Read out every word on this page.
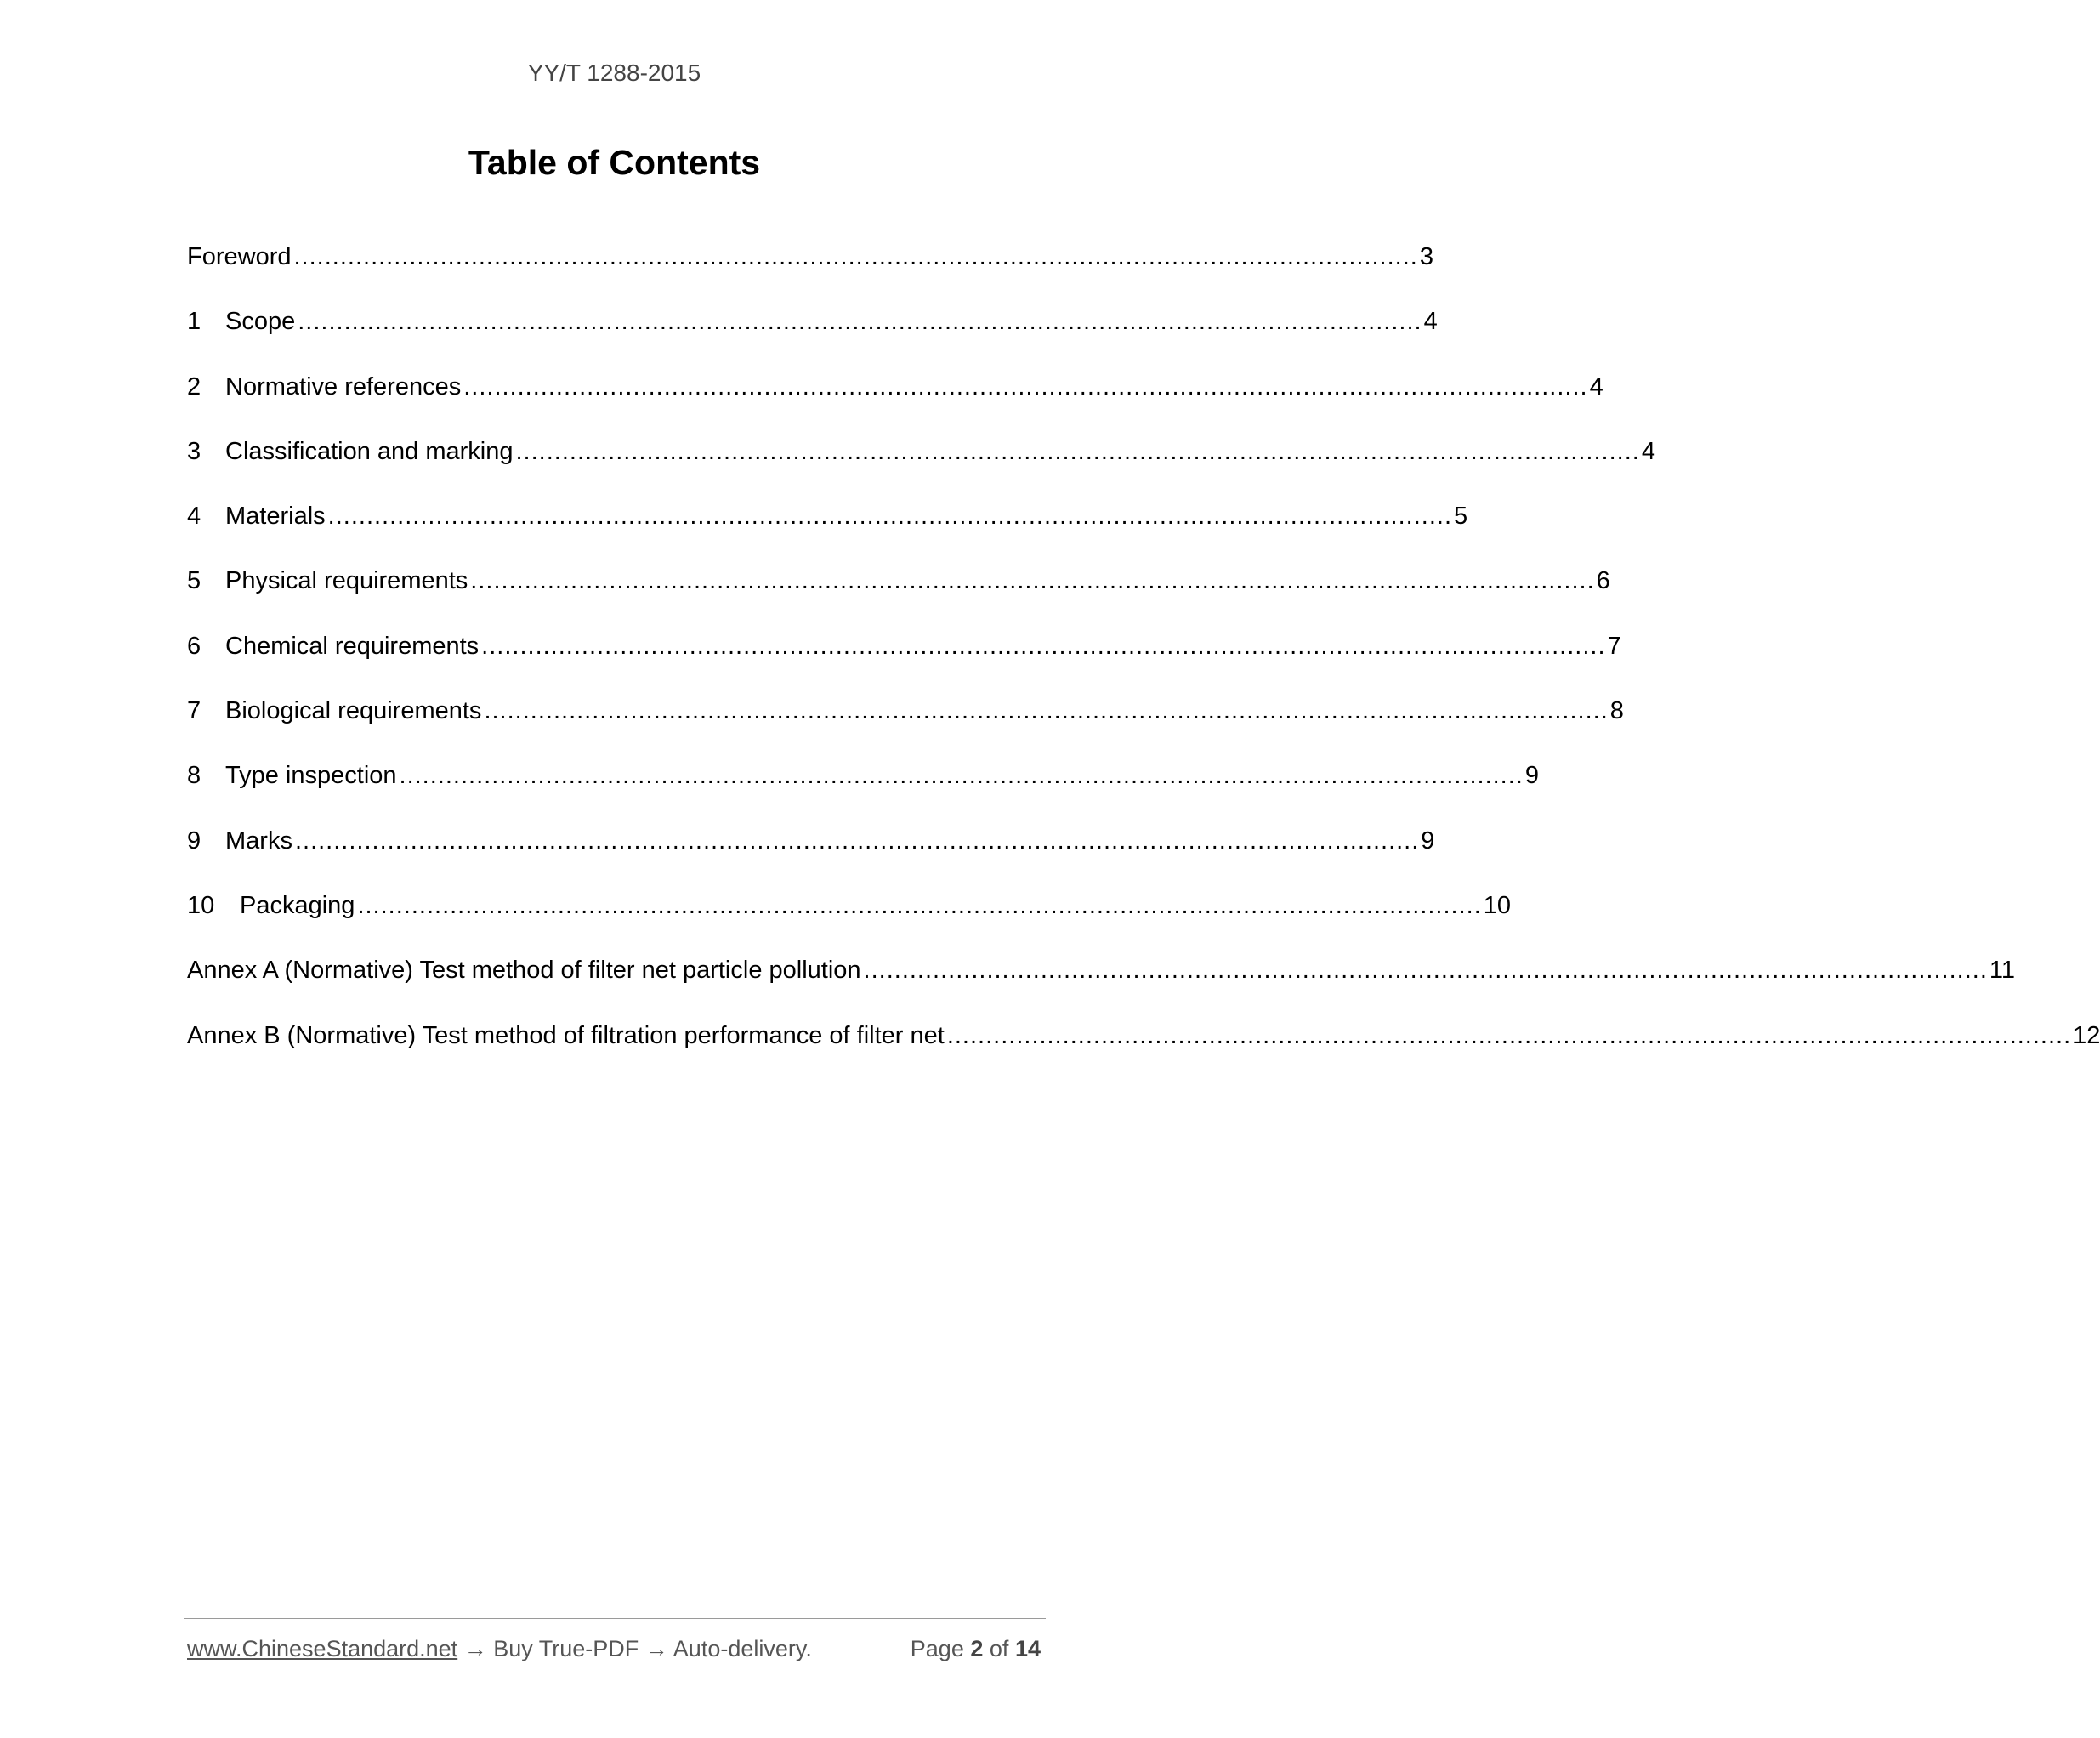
YY/T 1288-2015
Table of Contents
Foreword .................................................................................................................................................. 3
1 Scope .................................................................................................................................................. 4
2 Normative references .................................................................................................................................................. 4
3 Classification and marking .................................................................................................................................................. 4
4 Materials .................................................................................................................................................. 5
5 Physical requirements .................................................................................................................................................. 6
6 Chemical requirements .................................................................................................................................................. 7
7 Biological requirements .................................................................................................................................................. 8
8 Type inspection .................................................................................................................................................. 9
9 Marks .................................................................................................................................................. 9
10	Packaging .................................................................................................................................................. 10
Annex A (Normative) Test method of filter net particle pollution .................................................................................................................................................. 11
Annex B (Normative) Test method of filtration performance of filter net .................................................................................................................................................. 12
www.ChineseStandard.net → Buy True-PDF → Auto-delivery.	Page 2 of 14
